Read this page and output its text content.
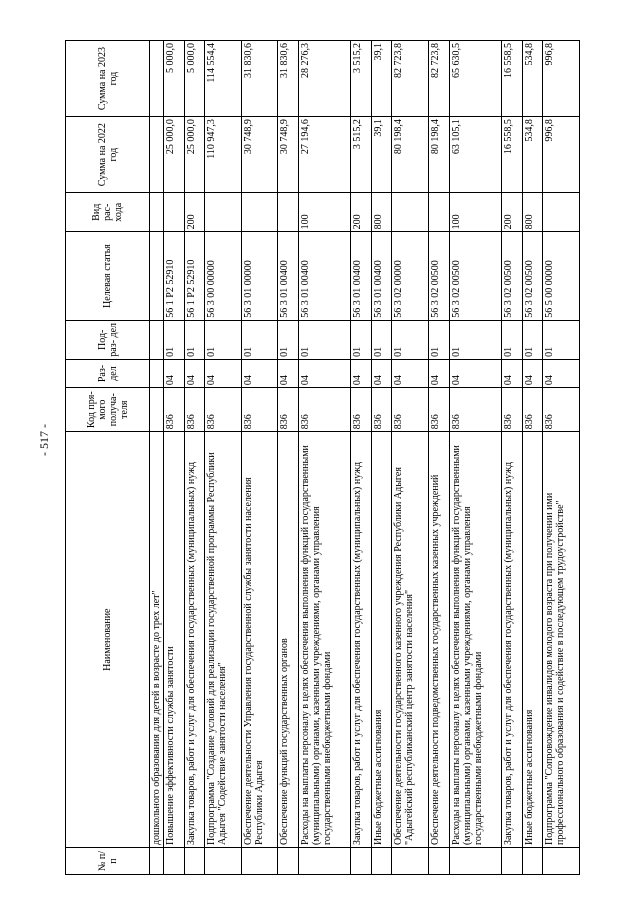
- 517 -
№ п/п	Наименование	Код пря- мого получа- теля	Раз- дел	Под- раз- дел	Целевая статья	Вид рас- хода	Сумма на 2022 год	Сумма на 2023 год
	дошкольного образования для детей в возрасте до трех лет"							
	Повышение эффективности службы занятости	836	04	01	56 1 P2 52910		25 000,0	5 000,0
	Закупка товаров, работ и услуг для обеспечения государственных (муниципальных) нужд	836	04	01	56 1 P2 52910	200	25 000,0	5 000,0
	Подпрограмма "Создание условий для реализации государственной программы Республики Адыгея "Содействие занятости населения"	836	04	01	56 3 00 00000		110 947,3	114 554,4
	Обеспечение деятельности Управления государственной службы занятости населения Республики Адыгея	836	04	01	56 3 01 00000		30 748,9	31 830,6
	Обеспечение функций государственных органов	836	04	01	56 3 01 00400		30 748,9	31 830,6
	Расходы на выплаты персоналу в целях обеспечения выполнения функций государственными (муниципальными) органами, казенными учреждениями, органами управления государственными внебюджетными фондами	836	04	01	56 3 01 00400	100	27 194,6	28 276,3
	Закупка товаров, работ и услуг для обеспечения государственных (муниципальных) нужд	836	04	01	56 3 01 00400	200	3 515,2	3 515,2
	Иные бюджетные ассигнования	836	04	01	56 3 01 00400	800	39,1	39,1
	Обеспечение деятельности государственного казенного учреждения Республики Адыгея "Адыгейский республиканский центр занятости населения"	836	04	01	56 3 02 00000		80 198,4	82 723,8
	Обеспечение деятельности подведомственных государственных казенных учреждений	836	04	01	56 3 02 00500		80 198,4	82 723,8
	Расходы на выплаты персоналу в целях обеспечения выполнения функций государственными (муниципальными) органами, казенными учреждениями, органами управления государственными внебюджетными фондами	836	04	01	56 3 02 00500	100	63 105,1	65 630,5
	Закупка товаров, работ и услуг для обеспечения государственных (муниципальных) нужд	836	04	01	56 3 02 00500	200	16 558,5	16 558,5
	Иные бюджетные ассигнования	836	04	01	56 3 02 00500	800	534,8	534,8
	Подпрограмма "Сопровождение инвалидов молодого возраста при получении ими профессионального образования и содействие в последующем трудоустройстве"	836	04	01	56 5 00 00000		996,8	996,8
